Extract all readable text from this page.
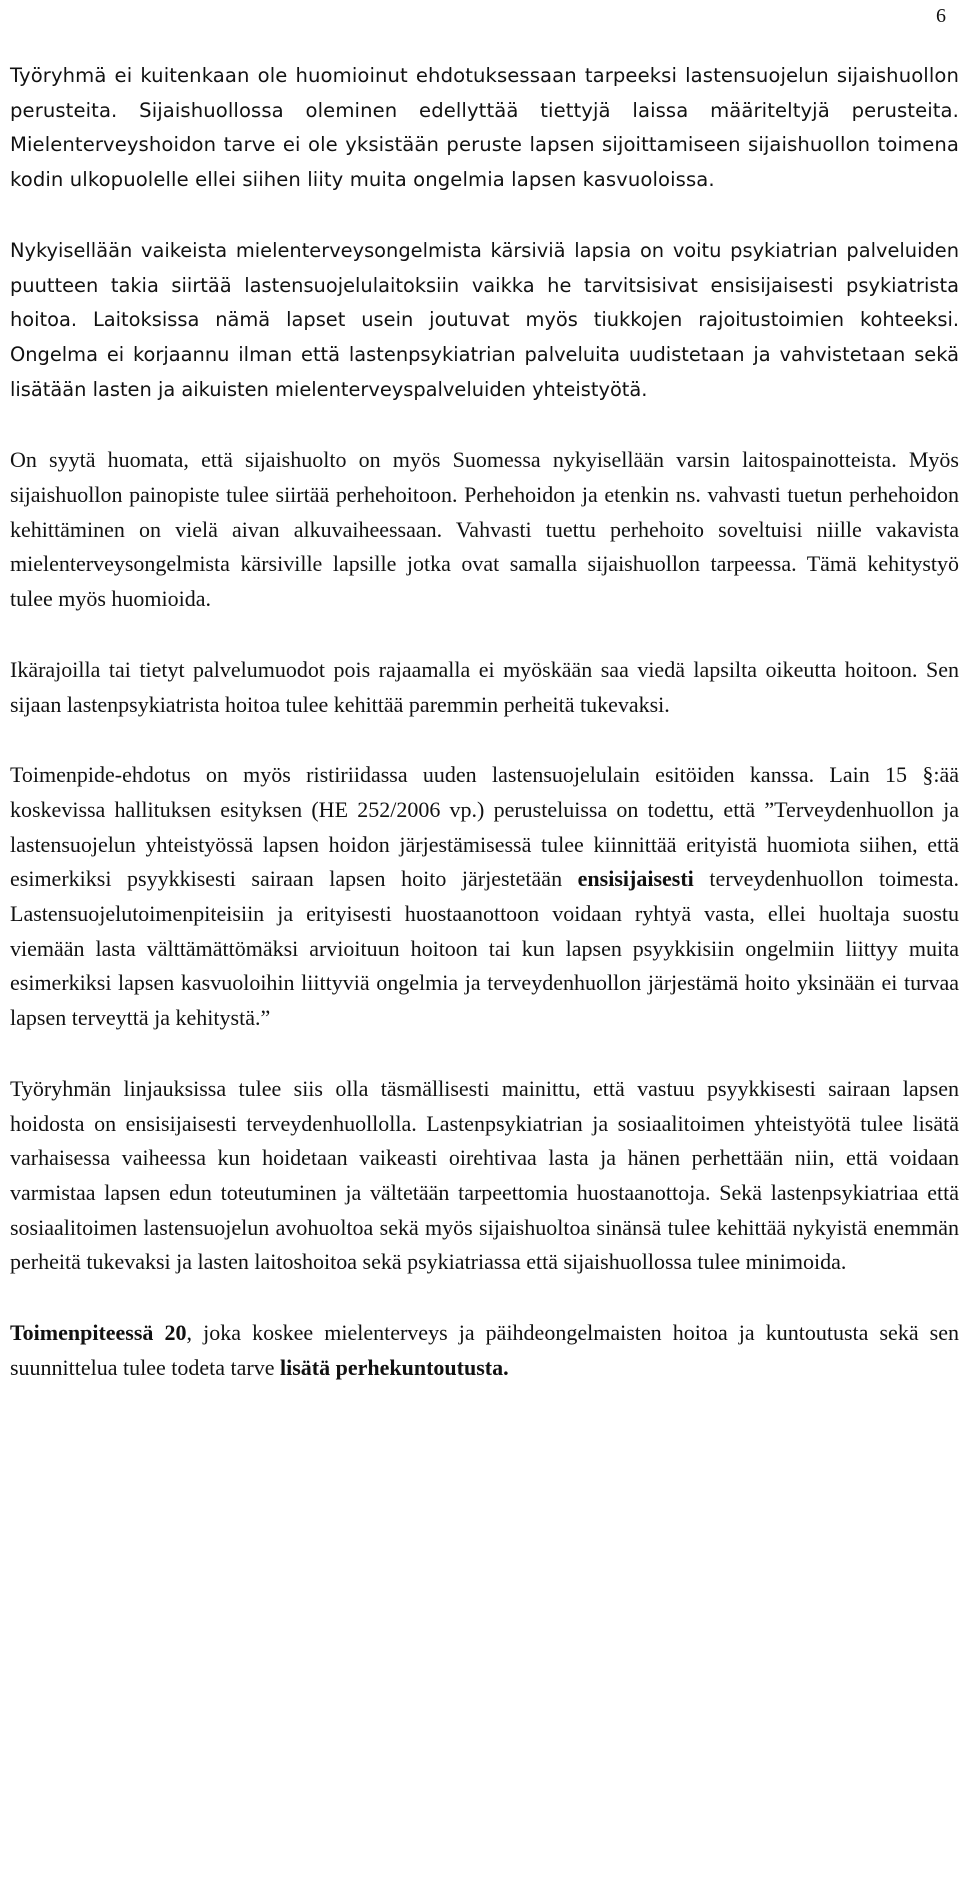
6

Työryhmä ei kuitenkaan ole huomioinut ehdotuksessaan tarpeeksi lastensuojelun sijaishuollon perusteita. Sijaishuollossa oleminen edellyttää tiettyjä laissa määriteltyjä perusteita. Mielenterveyshoidon tarve ei ole yksistään peruste lapsen sijoittamiseen sijaishuollon toimena kodin ulkopuolelle ellei siihen liity muita ongelmia lapsen kasvuoloissa.

Nykyisellään vaikeista mielenterveysongelmista kärsiviä lapsia on voitu psykiatrian palveluiden puutteen takia siirtää lastensuojelulaitoksiin vaikka he tarvitsisivat ensisijaisesti psykiatrista hoitoa. Laitoksissa nämä lapset usein joutuvat myös tiukkojen rajoitustoimien kohteeksi. Ongelma ei korjaannu ilman että lastenpsykiatrian palveluita uudistetaan ja vahvistetaan sekä lisätään lasten ja aikuisten mielenterveyspalveluiden yhteistyötä.

On syytä huomata, että sijaishuolto on myös Suomessa nykyisellään varsin laitospainotteista. Myös sijaishuollon painopiste tulee siirtää perhehoitoon. Perhehoidon ja etenkin ns. vahvasti tuetun perhehoidon kehittäminen on vielä aivan alkuvaiheessaan. Vahvasti tuettu perhehoito soveltuisi niille vakavista mielenterveysongelmista kärsiville lapsille jotka ovat samalla sijaishuollon tarpeessa. Tämä kehitystyö tulee myös huomioida.

Ikärajoilla tai tietyt palvelumuodot pois rajaamalla ei myöskään saa viedä lapsilta oikeutta hoitoon. Sen sijaan lastenpsykiatrista hoitoa tulee kehittää paremmin perheitä tukevaksi.

Toimenpide-ehdotus on myös ristiriidassa uuden lastensuojelulain esitöiden kanssa. Lain 15 §:ää koskevissa hallituksen esityksen (HE 252/2006 vp.) perusteluissa on todettu, että ”Terveydenhuollon ja lastensuojelun yhteistyössä lapsen hoidon järjestämisessä tulee kiinnittää erityistä huomiota siihen, että esimerkiksi psyykkisesti sairaan lapsen hoito järjestetään ensisijaisesti terveydenhuollon toimesta. Lastensuojelutoimenpiteisiin ja erityisesti huostaanottoon voidaan ryhtyä vasta, ellei huoltaja suostu viemään lasta välttämättömäksi arvioituun hoitoon tai kun lapsen psyykkisiin ongelmiin liittyy muita esimerkiksi lapsen kasvuoloihin liittyviä ongelmia ja terveydenhuollon järjestämä hoito yksinään ei turvaa lapsen terveyttä ja kehitystä.”

Työryhmän linjauksissa tulee siis olla täsmällisesti mainittu, että vastuu psyykkisesti sairaan lapsen hoidosta on ensisijaisesti terveydenhuollolla. Lastenpsykiatrian ja sosiaalitoimen yhteistyötä tulee lisätä varhaisessa vaiheessa kun hoidetaan vaikeasti oirehtivaa lasta ja hänen perhettään niin, että voidaan varmistaa lapsen edun toteutuminen ja vältetään tarpeettomia huostaanottoja. Sekä lastenpsykiatriaa että sosiaalitoimen lastensuojelun avohuoltoa sekä myös sijaishuoltoa sinänsä tulee kehittää nykyistä enemmän perheitä tukevaksi ja lasten laitoshoitoa sekä psykiatriassa että sijaishuollossa tulee minimoida.

Toimenpiteessä 20, joka koskee mielenterveys ja päihdeongelmaisten hoitoa ja kuntoutusta sekä sen suunnittelua tulee todeta tarve lisätä perhekuntoutusta.
